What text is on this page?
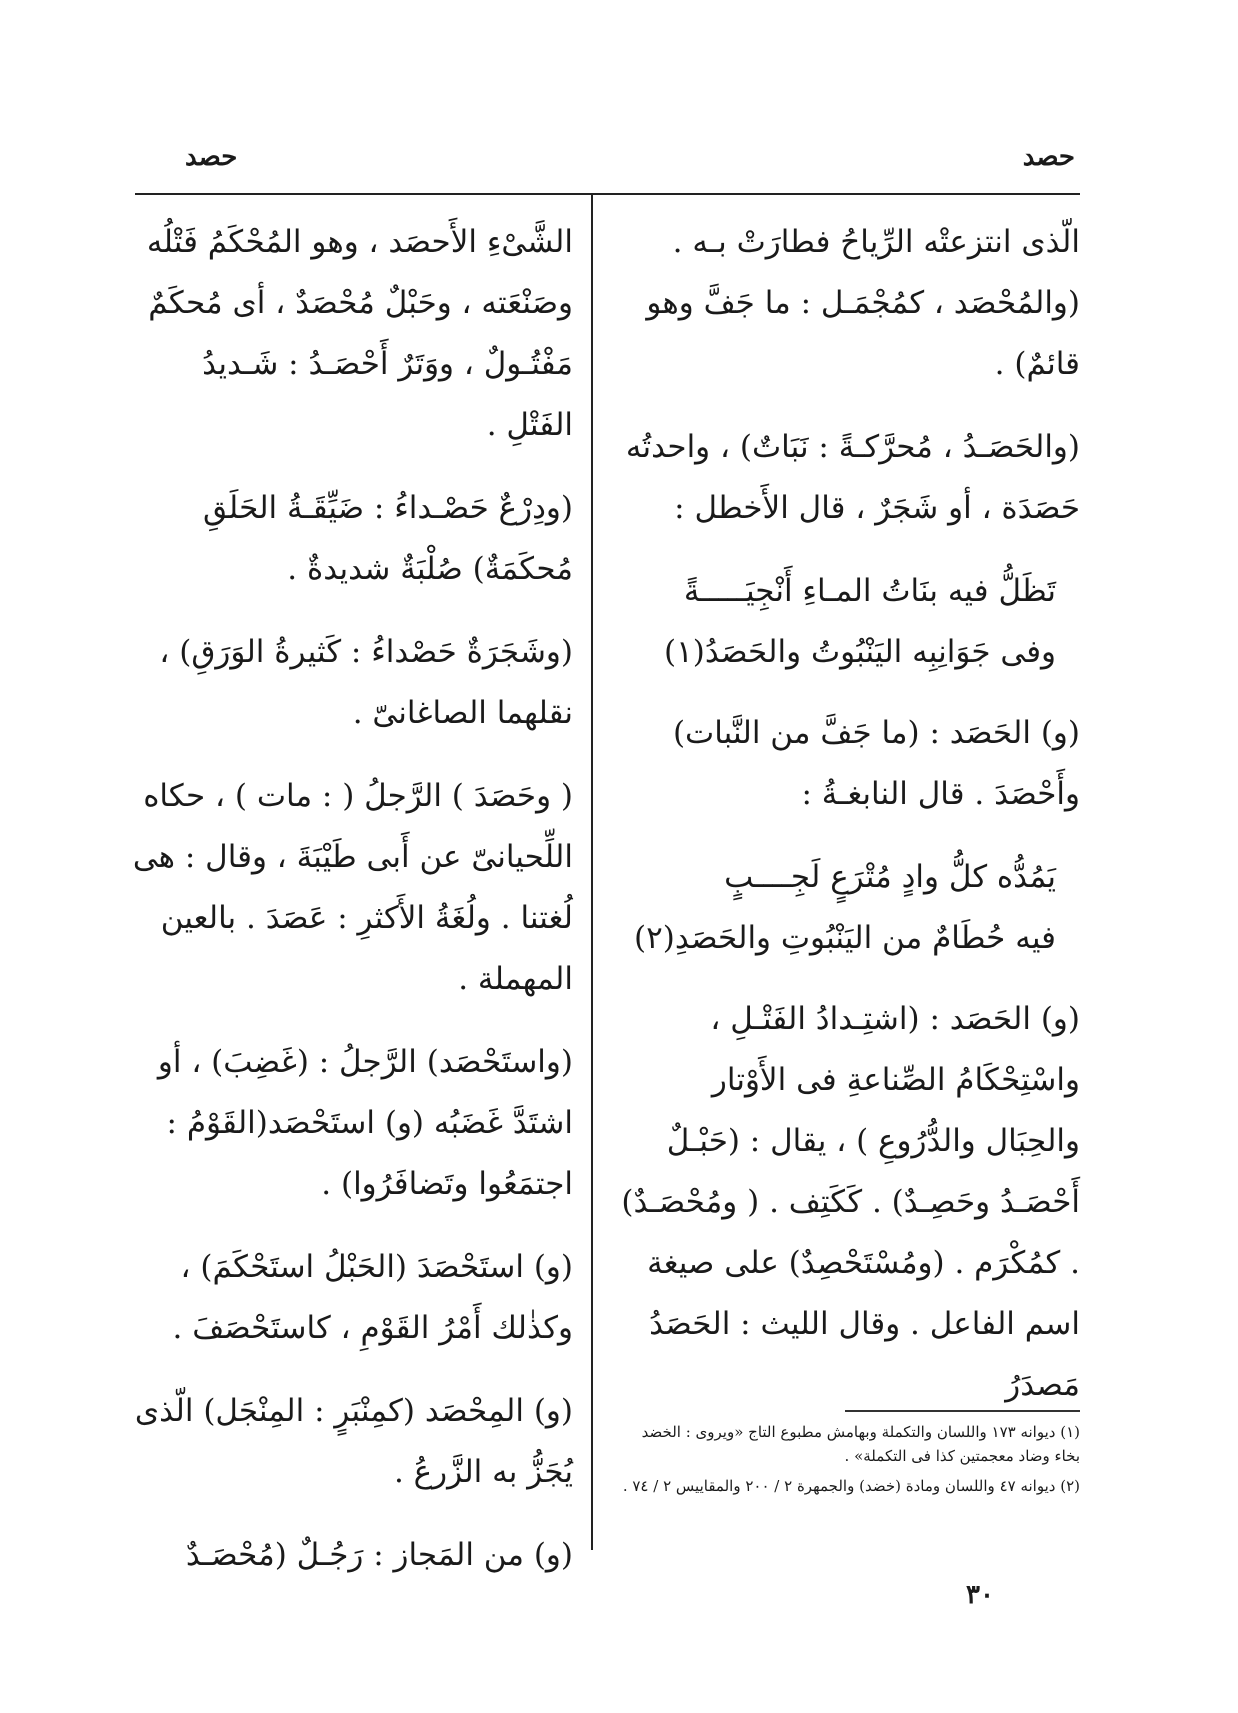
حصد
حصد

الّذى انتزعتْه الرِّياحُ فطارَتْ بـه . (والمُحْصَد ، كمُجْمَـل : ما جَفَّ وهو قائمٌ) .

(والحَصَـدُ ، مُحرَّكـةً : نَبَاتٌ) ، واحدتُه حَصَدَة ، أو شَجَرٌ ، قال الأَخطل :

تَظَلُّ فيه بنَاتُ المـاءِ أَنْجِيَـــــةً
وفى جَوَانِبِه اليَنْبُوتُ والحَصَدُ(١)

(و) الحَصَد : (ما جَفَّ من النَّبات) وأَحْصَدَ . قال النابغـةُ :

يَمُدُّه كلُّ وادٍ مُتْرَعٍ لَجِــــبٍ
فيه حُطَامٌ من اليَنْبُوتِ والحَصَدِ(٢)

(و) الحَصَد : (اشتِـدادُ الفَتْـلِ ، واسْتِحْكَامُ الصِّناعةِ فى الأَوْتار والحِبَال والدُّرُوعِ ) ، يقال : (حَبْـلٌ أَحْصَـدُ وحَصِـدٌ) . كَكَتِف . ( ومُحْصَـدٌ) . كمُكْرَم . (ومُسْتَحْصِدٌ) على صيغة اسم الفاعل . وقال الليث : الحَصَدُ مَصدَرُ

(١) ديوانه ١٧٣ واللسان والتكملة وبهامش مطبوع التاج «ويروى : الخضد بخاء وضاد معجمتين كذا فى التكملة» .

(٢) ديوانه ٤٧ واللسان ومادة (خضد) والجمهرة ٢ / ٢٠٠ والمقاييس ٢ / ٧٤ .

الشَّىْءِ الأَحصَد ، وهو المُحْكَمُ فَتْلُه وصَنْعَته ، وحَبْلٌ مُحْصَدٌ ، أى مُحكَمٌ مَفْتُـولٌ ، ووَتَرٌ أَحْصَـدُ : شَـديدُ الفَتْلِ .

(ودِرْعٌ حَصْـداءُ : ضَيِّقَـةُ الحَلَقِ مُحكَمَةٌ) صُلْبَةٌ شديدةٌ .

(وشَجَرَةٌ حَصْداءُ : كَثيرةُ الوَرَقِ) ، نقلهما الصاغانىّ .

( وحَصَدَ ) الرَّجلُ ( : مات ) ، حكاه اللِّحيانىّ عن أَبى طَيْبَةَ ، وقال : هى لُغتنا . ولُغَةُ الأَكثرِ : عَصَدَ . بالعين المهملة .

(واستَحْصَد) الرَّجلُ : (غَضِبَ) ، أو اشتَدَّ غَضَبُه (و) استَحْصَد(القَوْمُ : اجتمَعُوا وتَضافَرُوا) .

(و) استَحْصَدَ (الحَبْلُ استَحْكَمَ) ، وكذٰلك أَمْرُ القَوْمِ ، كاستَحْصَفَ .

(و) المِحْصَد (كمِنْبَرٍ : المِنْجَل) الّذى يُجَزُّ به الزَّرعُ .

(و) من المَجاز : رَجُـلٌ (مُحْصَـدٌ

٣٠
